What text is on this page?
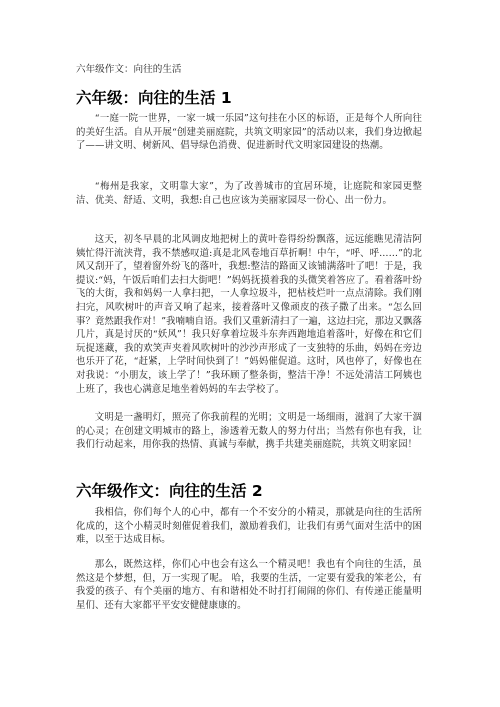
六年级作文：向往的生活
六年级：向往的生活 1

“一庭一院一世界，一家一城一乐园”这句挂在小区的标语，正是每个人所向往的美好生活。自从开展“创建美丽庭院，共筑文明家园”的活动以来，我们身边掀起了——讲文明、树新风、倡导绿色消费、促进新时代文明家园建设的热潮。

“梅州是我家，文明靠大家”，为了改善城市的宜居环境，让庭院和家园更整洁、优美、舒适、文明，我想:自己也应该为美丽家园尽一份心、出一份力。

这天，初冬早晨的北风调皮地把树上的黄叶卷得纷纷飘落，远远能瞧见清洁阿姨忙得汗流浃背，我不禁感叹道:真是北风卷地百草折啊！中午，“呼、呼……”的北风又刮开了，望着窗外纷飞的落叶，我想:整洁的路面又该铺满落叶了吧！于是，我提议:“妈，午饭后咱们去扫大街吧！”妈妈抚摸着我的头微笑着答应了。看着落叶纷飞的大街，我和妈妈一人拿扫把，一人拿垃圾斗，把枯枝烂叶一点点清除。我们刚扫完，风吹树叶的声音又响了起来，接着落叶又像顽皮的孩子撒了出来。“怎么回事？竟然跟我作对！”我喃喃自语。我们又重新清扫了一遍，这边扫完，那边又飘落几片，真是讨厌的“妖风”！我只好拿着垃圾斗东奔西跑地追着落叶，好像在和它们玩捉迷藏，我的欢笑声夹着风吹树叶的沙沙声形成了一支独特的乐曲，妈妈在旁边也乐开了花，“赶紧，上学时间快到了！”妈妈催促道。这时，风也停了，好像也在对我说：“小朋友，该上学了！”我环顾了整条街，整洁干净！不远处清洁工阿姨也上班了，我也心满意足地坐着妈妈的车去学校了。

文明是一盏明灯，照亮了你我前程的光明；文明是一场细雨，滋润了大家干涸的心灵；在创建文明城市的路上，渗透着无数人的努力付出；当然有你也有我，让我们行动起来，用你我的热情、真诚与奉献，携手共建美丽庭院，共筑文明家园！

六年级作文：向往的生活 2

我相信，你们每个人的心中，都有一个不安分的小精灵，那就是向往的生活所化成的，这个小精灵时刻催促着我们，激励着我们，让我们有勇气面对生活中的困难，以至于达成目标。

那么，既然这样，你们心中也会有这么一个精灵吧！我也有个向往的生活，虽然这是个梦想，但，万一实现了呢。 哈，我要的生活，一定要有爱我的笨老公，有我爱的孩子、有个美丽的地方、有和谐相处不时打打闹闹的你们、有传递正能量明星们、还有大家都平平安安健健康康的。
